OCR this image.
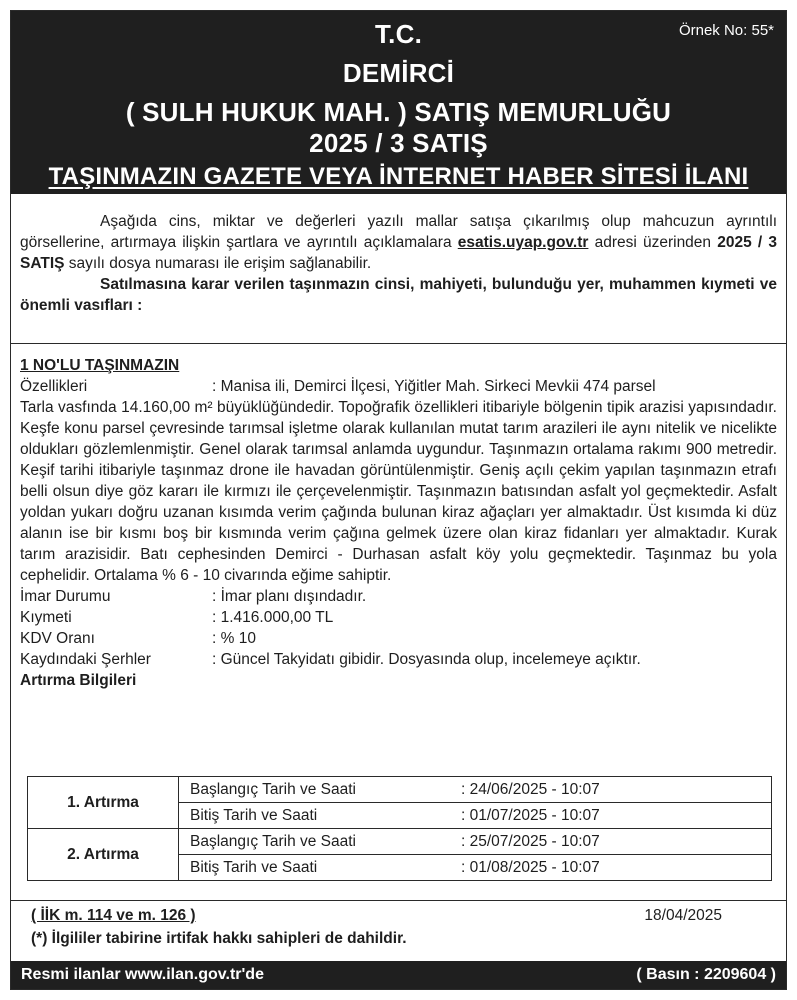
Örnek No: 55*
T.C.
DEMİRCİ
( SULH HUKUK MAH. ) SATIŞ MEMURLUĞU
2025 / 3 SATIŞ
TAŞINMAZIN GAZETE VEYA İNTERNET HABER SİTESİ İLANI

Aşağıda cins, miktar ve değerleri yazılı mallar satışa çıkarılmış olup mahcuzun ayrıntılı görsellerine, artırmaya ilişkin şartlara ve ayrıntılı açıklamalara esatis.uyap.gov.tr adresi üzerinden 2025 / 3 SATIŞ sayılı dosya numarası ile erişim sağlanabilir.

Satılmasına karar verilen taşınmazın cinsi, mahiyeti, bulunduğu yer, muhammen kıymeti ve önemli vasıfları :

1 NO'LU TAŞINMAZIN

Özellikleri	: Manisa ili, Demirci İlçesi, Yiğitler Mah. Sirkeci Mevkii 474 parsel

Tarla vasfında 14.160,00 m² büyüklüğündedir. Topoğrafik özellikleri itibariyle bölgenin tipik arazisi yapısındadır. Keşfe konu parsel çevresinde tarımsal işletme olarak kullanılan mutat tarım arazileri ile aynı nitelik ve nicelikte oldukları gözlemlenmiştir. Genel olarak tarımsal anlamda uygundur. Taşınmazın ortalama rakımı 900 metredir. Keşif tarihi itibariyle taşınmaz drone ile havadan görüntülenmiştir. Geniş açılı çekim yapılan taşınmazın etrafı belli olsun diye göz kararı ile kırmızı ile çerçevelenmiştir. Taşınmazın batısından asfalt yol geçmektedir. Asfalt yoldan yukarı doğru uzanan kısımda verim çağında bulunan kiraz ağaçları yer almaktadır. Üst kısımda ki düz alanın ise bir kısmı boş bir kısmında verim çağına gelmek üzere olan kiraz fidanları yer almaktadır. Kurak tarım arazisidir. Batı cephesinden Demirci - Durhasan asfalt köy yolu geçmektedir. Taşınmaz bu yola cephelidir. Ortalama % 6 - 10 civarında eğime sahiptir.

İmar Durumu	: İmar planı dışındadır.
Kıymeti	: 1.416.000,00 TL
KDV Oranı	: % 10
Kaydındaki Şerhler	: Güncel Takyidatı gibidir. Dosyasında olup, incelemeye açıktır.

Artırma Bilgileri

1. Artırma	Başlangıç Tarih ve Saati : 24/06/2025 - 10:07

	Bitiş Tarih ve Saati : 01/07/2025 - 10:07

2. Artırma	Başlangıç Tarih ve Saati : 25/07/2025 - 10:07

	Bitiş Tarih ve Saati : 01/08/2025 - 10:07
( İİK m. 114 ve m. 126 )	18/04/2025
(*) İlgililer tabirine irtifak hakkı sahipleri de dahildir.
Resmi ilanlar www.ilan.gov.tr'de	( Basın : 2209604 )
